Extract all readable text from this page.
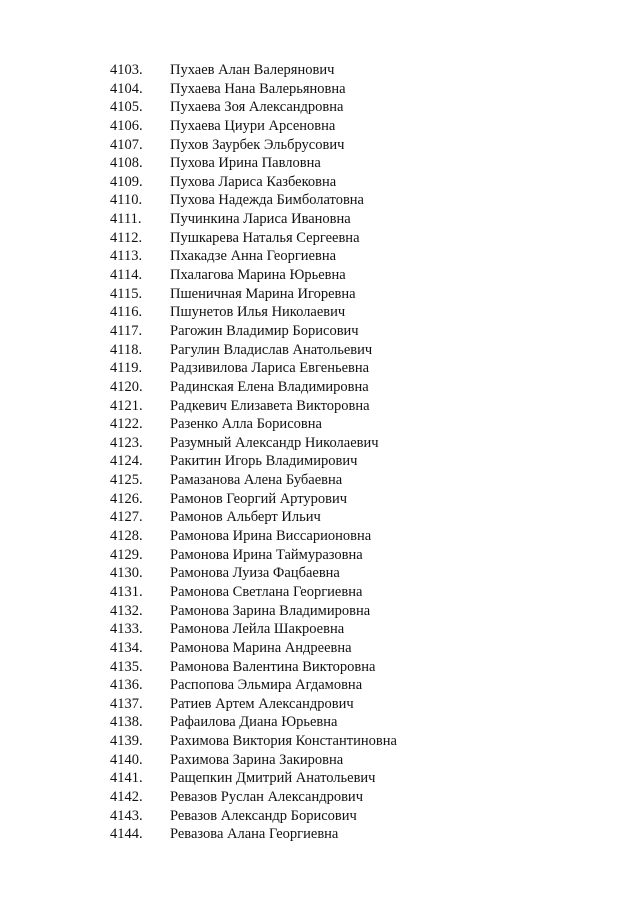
4103.	Пухаев Алан Валерянович
4104.	Пухаева Нана Валерьяновна
4105.	Пухаева Зоя Александровна
4106.	Пухаева Циури Арсеновна
4107.	Пухов Заурбек Эльбрусович
4108.	Пухова Ирина Павловна
4109.	Пухова Лариса Казбековна
4110.	Пухова Надежда Бимболатовна
4111.	Пучинкина Лариса Ивановна
4112.	Пушкарева Наталья Сергеевна
4113.	Пхакадзе Анна Георгиевна
4114.	Пхалагова Марина Юрьевна
4115.	Пшеничная Марина Игоревна
4116.	Пшунетов Илья Николаевич
4117.	Рагожин Владимир Борисович
4118.	Рагулин Владислав Анатольевич
4119.	Радзивилова Лариса Евгеньевна
4120.	Радинская Елена Владимировна
4121.	Радкевич Елизавета Викторовна
4122.	Разенко Алла Борисовна
4123.	Разумный Александр Николаевич
4124.	Ракитин Игорь Владимирович
4125.	Рамазанова Алена Бубаевна
4126.	Рамонов Георгий Артурович
4127.	Рамонов Альберт Ильич
4128.	Рамонова Ирина Виссарионовна
4129.	Рамонова Ирина Таймуразовна
4130.	Рамонова Луиза Фацбаевна
4131.	Рамонова Светлана Георгиевна
4132.	Рамонова Зарина Владимировна
4133.	Рамонова Лейла Шакроевна
4134.	Рамонова Марина Андреевна
4135.	Рамонова Валентина Викторовна
4136.	Распопова Эльмира Агдамовна
4137.	Ратиев Артем Александрович
4138.	Рафаилова Диана Юрьевна
4139.	Рахимова Виктория Константиновна
4140.	Рахимова Зарина Закировна
4141.	Ращепкин Дмитрий Анатольевич
4142.	Ревазов Руслан Александрович
4143.	Ревазов Александр Борисович
4144.	Ревазова Алана Георгиевна
